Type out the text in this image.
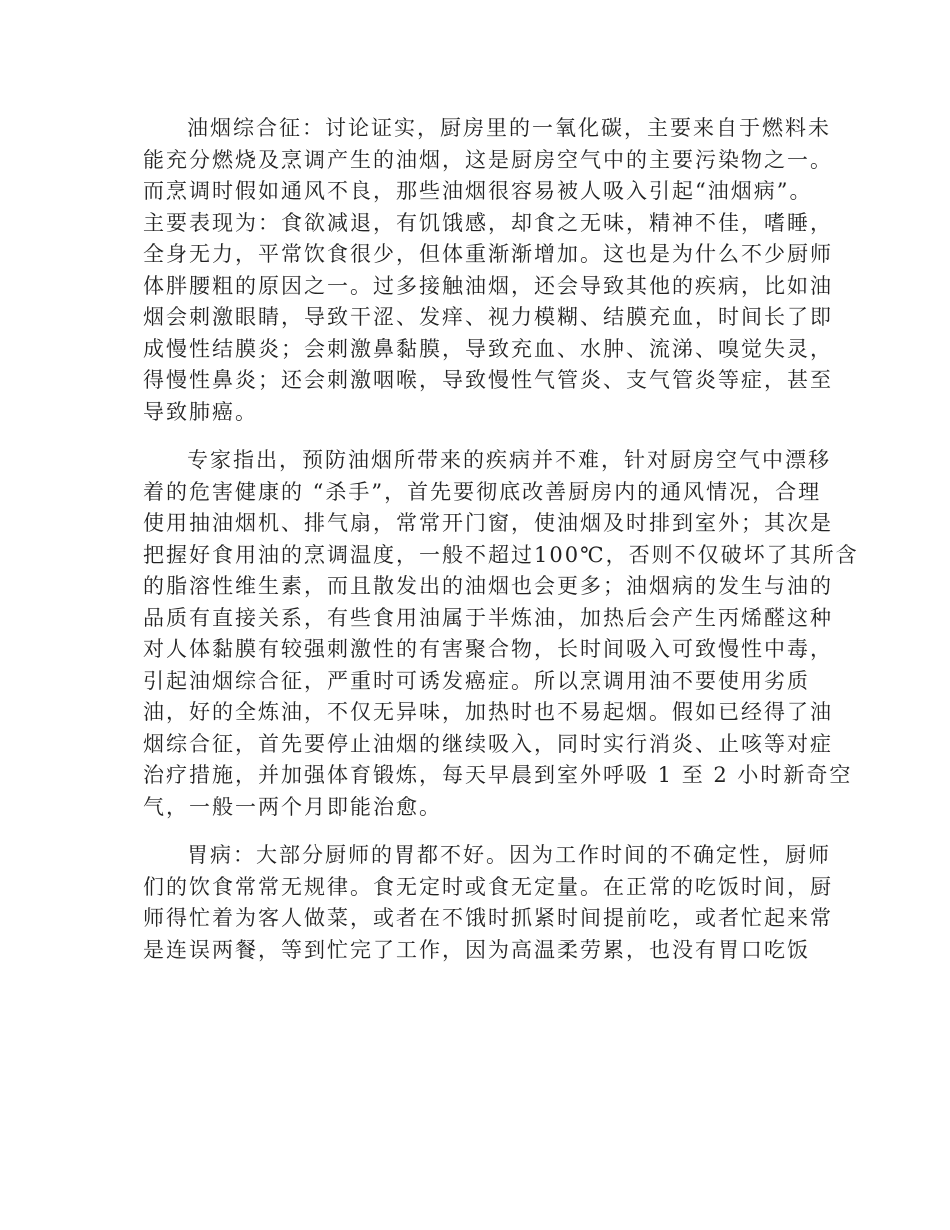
油烟综合征：讨论证实，厨房里的一氧化碳，主要来自于燃料未
能充分燃烧及烹调产生的油烟，这是厨房空气中的主要污染物之一。
而烹调时假如通风不良，那些油烟很容易被人吸入引起“油烟病”。
主要表现为：食欲减退，有饥饿感，却食之无味，精神不佳，嗜睡，
全身无力，平常饮食很少，但体重渐渐增加。这也是为什么不少厨师
体胖腰粗的原因之一。过多接触油烟，还会导致其他的疾病，比如油
烟会刺激眼睛，导致干涩、发痒、视力模糊、结膜充血，时间长了即
成慢性结膜炎；会刺激鼻黏膜，导致充血、水肿、流涕、嗅觉失灵，
得慢性鼻炎；还会刺激咽喉，导致慢性气管炎、支气管炎等症，甚至
导致肺癌。

专家指出，预防油烟所带来的疾病并不难，针对厨房空气中漂移
着的危害健康的 “杀手”，首先要彻底改善厨房内的通风情况，合理
使用抽油烟机、排气扇，常常开门窗，使油烟及时排到室外；其次是
把握好食用油的烹调温度，一般不超过100℃，否则不仅破坏了其所含
的脂溶性维生素，而且散发出的油烟也会更多；油烟病的发生与油的
品质有直接关系，有些食用油属于半炼油，加热后会产生丙烯醛这种
对人体黏膜有较强刺激性的有害聚合物，长时间吸入可致慢性中毒，
引起油烟综合征，严重时可诱发癌症。所以烹调用油不要使用劣质
油，好的全炼油，不仅无异味，加热时也不易起烟。假如已经得了油
烟综合征，首先要停止油烟的继续吸入，同时实行消炎、止咳等对症
治疗措施，并加强体育锻炼，每天早晨到室外呼吸 1 至 2 小时新奇空
气，一般一两个月即能治愈。

胃病：大部分厨师的胃都不好。因为工作时间的不确定性，厨师
们的饮食常常无规律。食无定时或食无定量。在正常的吃饭时间，厨
师得忙着为客人做菜，或者在不饿时抓紧时间提前吃，或者忙起来常
是连误两餐，等到忙完了工作，因为高温柔劳累，也没有胃口吃饭
